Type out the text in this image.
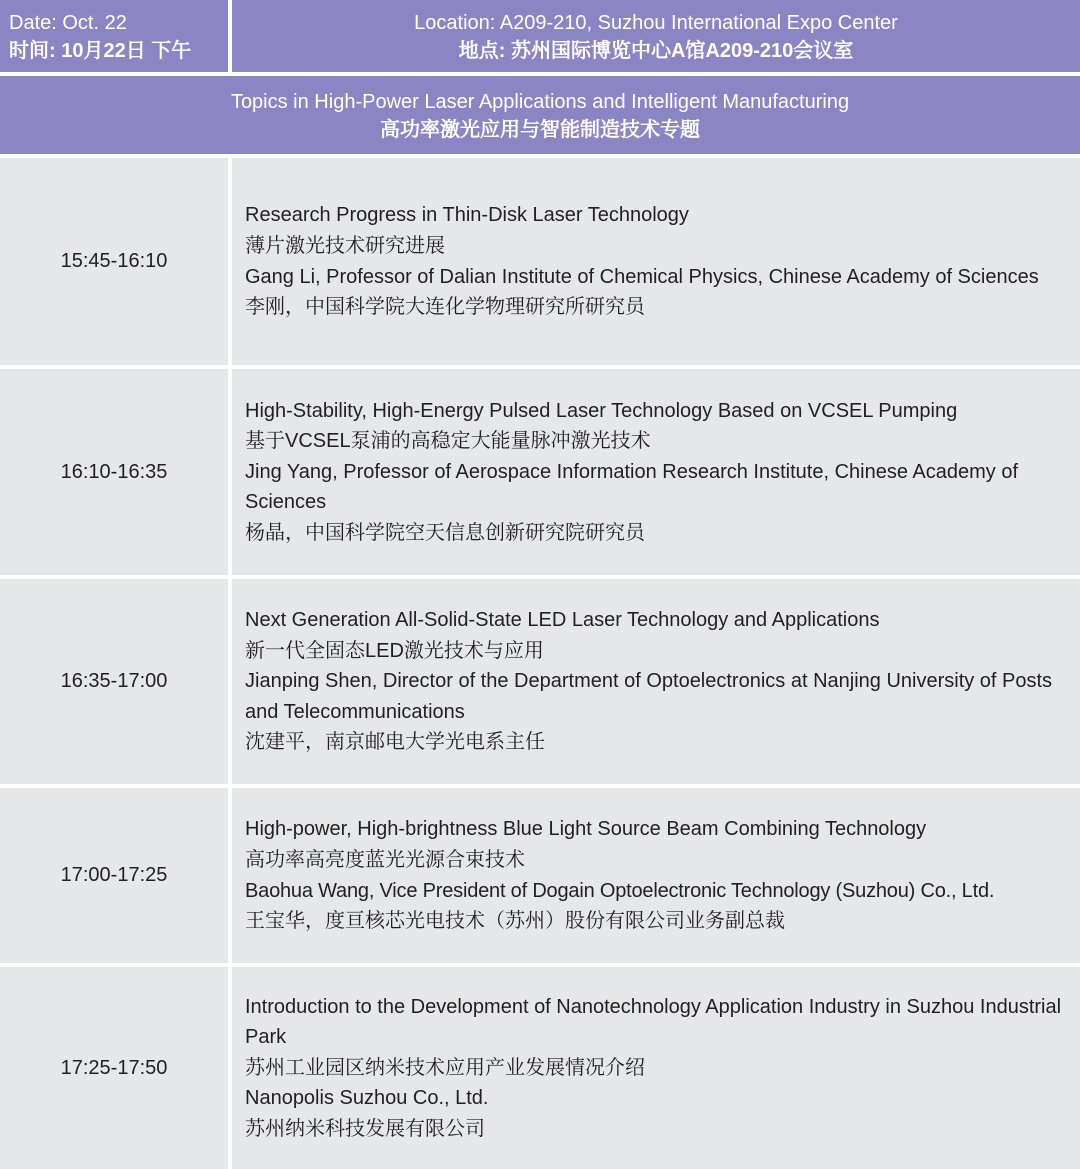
Date: Oct. 22
时间: 10月22日 下午
Location: A209-210, Suzhou International Expo Center
地点: 苏州国际博览中心A馆A209-210会议室
Topics in High-Power Laser Applications and Intelligent Manufacturing
高功率激光应用与智能制造技术专题
15:45-16:10
Research Progress in Thin-Disk Laser Technology
薄片激光技术研究进展
Gang Li, Professor of Dalian Institute of Chemical Physics, Chinese Academy of Sciences
李刚，中国科学院大连化学物理研究所研究员
16:10-16:35
High-Stability, High-Energy Pulsed Laser Technology Based on VCSEL Pumping
基于VCSEL泵浦的高稳定大能量脉冲激光技术
Jing Yang, Professor of Aerospace Information Research Institute, Chinese Academy of Sciences
杨晶，中国科学院空天信息创新研究院研究员
16:35-17:00
Next Generation All-Solid-State LED Laser Technology and Applications
新一代全固态LED激光技术与应用
Jianping Shen, Director of the Department of Optoelectronics at Nanjing University of Posts and Telecommunications
沈建平，南京邮电大学光电系主任
17:00-17:25
High-power, High-brightness Blue Light Source Beam Combining Technology
高功率高亮度蓝光光源合束技术
Baohua Wang, Vice President of Dogain Optoelectronic Technology (Suzhou) Co., Ltd.
王宝华，度亘核芯光电技术（苏州）股份有限公司业务副总裁
17:25-17:50
Introduction to the Development of Nanotechnology Application Industry in Suzhou Industrial Park
苏州工业园区纳米技术应用产业发展情况介绍
Nanopolis Suzhou Co., Ltd.
苏州纳米科技发展有限公司
